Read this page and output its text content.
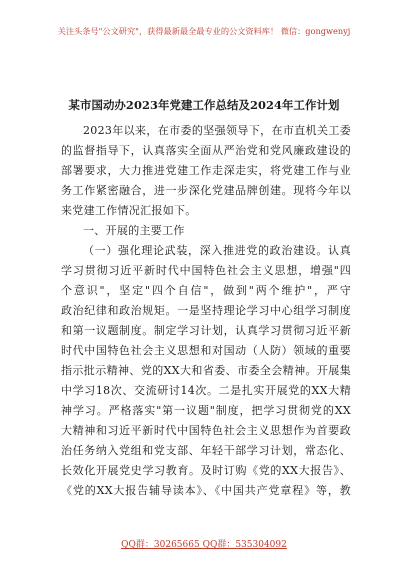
关注头条号"公文研究"，获得最新最全最专业的公文资料库！ 微信：gongwenyj
某市国动办2023年党建工作总结及2024年工作计划
2023年以来，在市委的坚强领导下，在市直机关工委
的监督指导下，认真落实全面从严治党和党风廉政建设的
部署要求，大力推进党建工作走深走实，将党建工作与业
务工作紧密融合，进一步深化党建品牌创建。现将今年以
来党建工作情况汇报如下。
一、开展的主要工作
（一）强化理论武装，深入推进党的政治建设。认真
学习贯彻习近平新时代中国特色社会主义思想，增强"四
个意识"，坚定"四个自信"，做到"两个维护"，严守
政治纪律和政治规矩。一是坚持理论学习中心组学习制度
和第一议题制度。制定学习计划，认真学习贯彻习近平新
时代中国特色社会主义思想和对国动（人防）领域的重要
指示批示精神、党的XX大和省委、市委全会精神。开展集
中学习18次、交流研讨14次。二是扎实开展党的XX大精
神学习。严格落实"第一议题"制度，把学习贯彻党的XX
大精神和习近平新时代中国特色社会主义思想作为首要政
治任务纳入党组和党支部、年轻干部学习计划，常态化、
长效化开展党史学习教育。及时订购《党的XX大报告》、
《党的XX大报告辅导读本》、《中国共产党章程》等，教
QQ群：30265665 QQ群：535304092
